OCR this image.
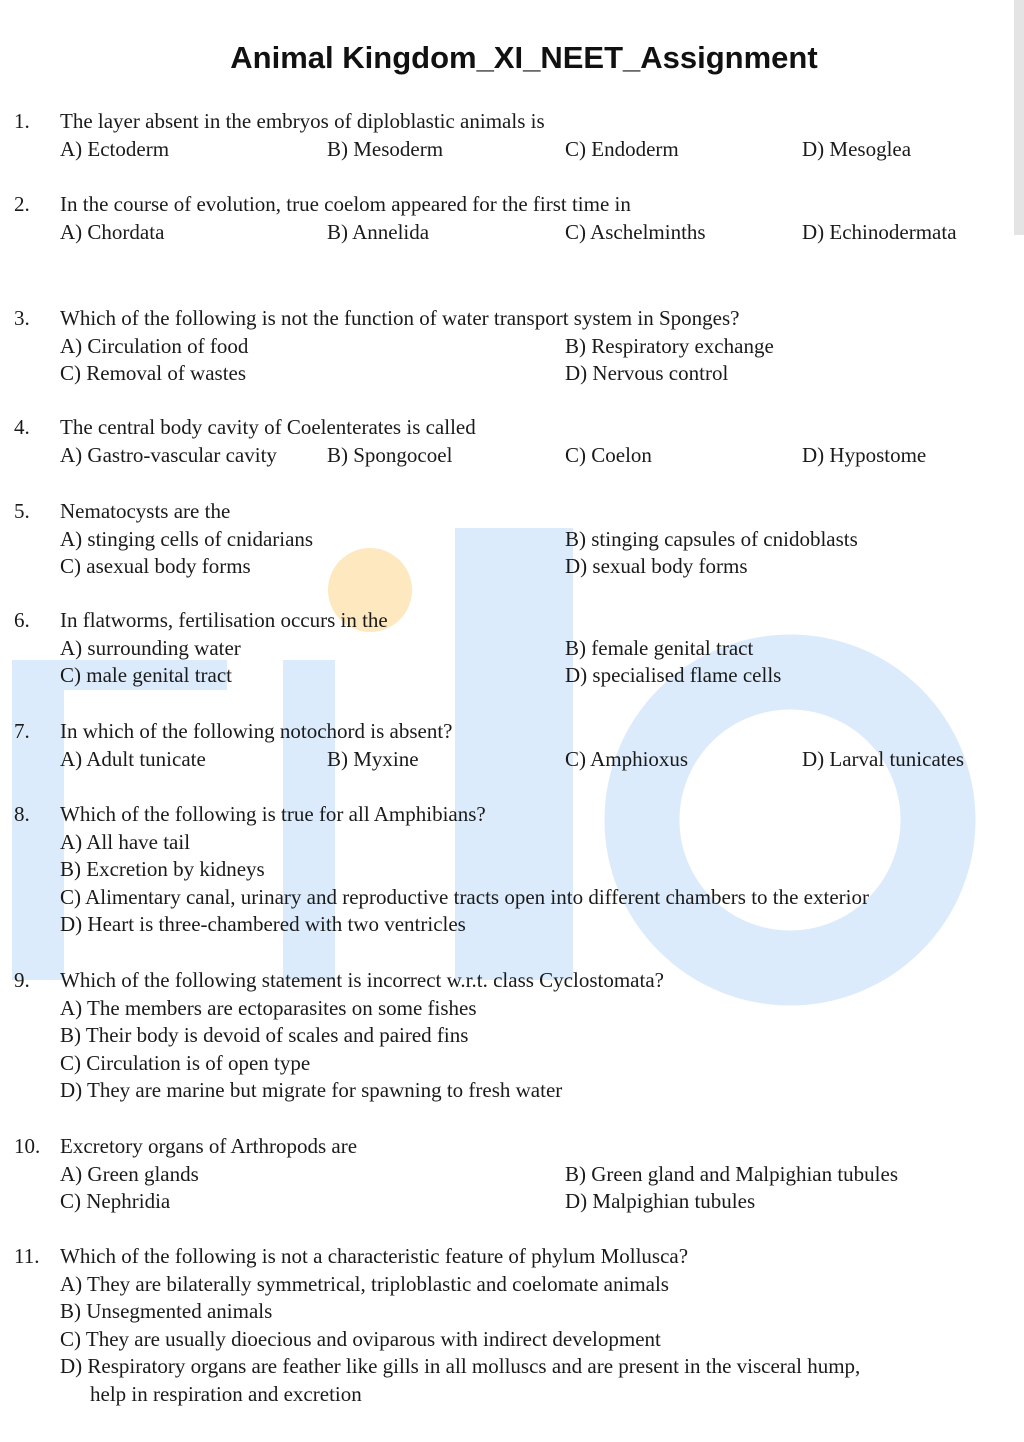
Animal Kingdom_XI_NEET_Assignment
1. The layer absent in the embryos of diploblastic animals is
A) Ectoderm	B) Mesoderm	C) Endoderm	D) Mesoglea
2. In the course of evolution, true coelom appeared for the first time in
A) Chordata	B) Annelida	C) Aschelminths	D) Echinodermata
3. Which of the following is not the function of water transport system in Sponges?
A) Circulation of food	B) Respiratory exchange
C) Removal of wastes	D) Nervous control
4. The central body cavity of Coelenterates is called
A) Gastro-vascular cavity B) Spongocoel	C) Coelon	D) Hypostome
5. Nematocysts are the
A) stinging cells of cnidarians	B) stinging capsules of cnidoblasts
C) asexual body forms	D) sexual body forms
6. In flatworms, fertilisation occurs in the
A) surrounding water	B) female genital tract
C) male genital tract	D) specialised flame cells
7. In which of the following notochord is absent?
A) Adult tunicate	B) Myxine	C) Amphioxus	D) Larval tunicates
8. Which of the following is true for all Amphibians?
A) All have tail
B) Excretion by kidneys
C) Alimentary canal, urinary and reproductive tracts open into different chambers to the exterior
D) Heart is three-chambered with two ventricles
9. Which of the following statement is incorrect w.r.t. class Cyclostomata?
A) The members are ectoparasites on some fishes
B) Their body is devoid of scales and paired fins
C) Circulation is of open type
D) They are marine but migrate for spawning to fresh water
10. Excretory organs of Arthropods are
A) Green glands	B) Green gland and Malpighian tubules
C) Nephridia	D) Malpighian tubules
11. Which of the following is not a characteristic feature of phylum Mollusca?
A) They are bilaterally symmetrical, triploblastic and coelomate animals
B) Unsegmented animals
C) They are usually dioecious and oviparous with indirect development
D) Respiratory organs are feather like gills in all molluscs and are present in the visceral hump,
help in respiration and excretion
